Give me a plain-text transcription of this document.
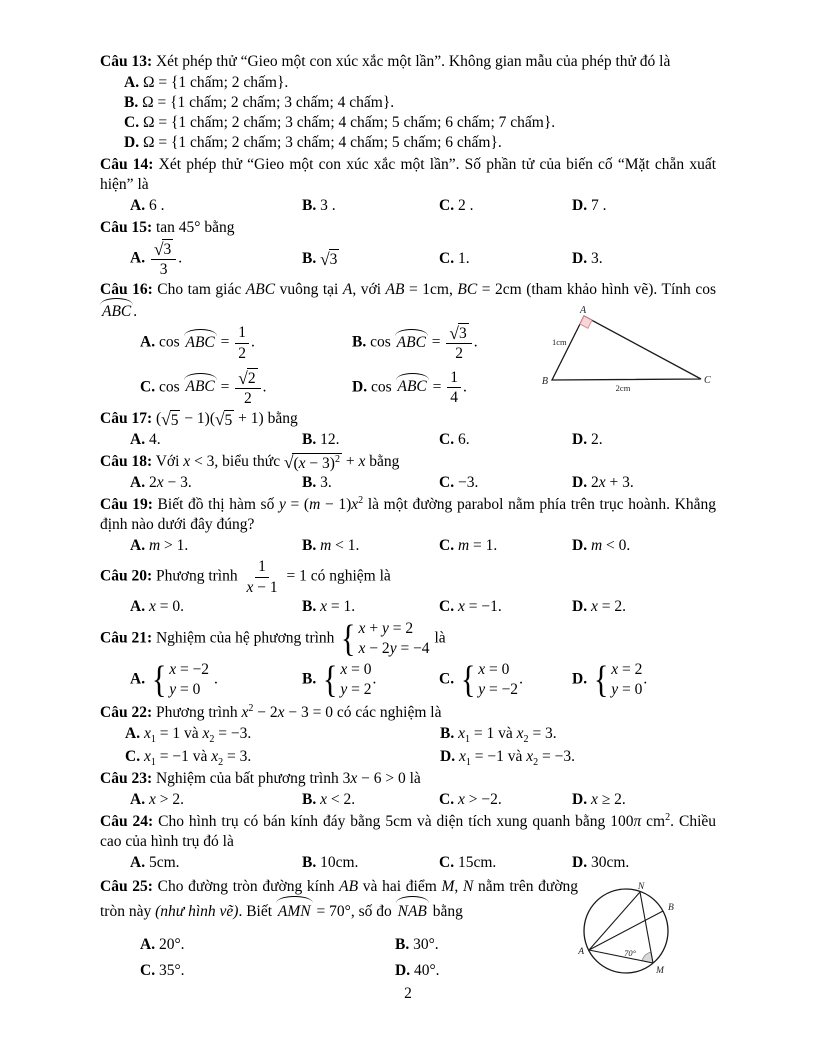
Câu 13: Xét phép thử “Gieo một con xúc xắc một lần”. Không gian mẫu của phép thử đó là
A. Ω = {1 chấm; 2 chấm}.
B. Ω = {1 chấm; 2 chấm; 3 chấm; 4 chấm}.
C. Ω = {1 chấm; 2 chấm; 3 chấm; 4 chấm; 5 chấm; 6 chấm; 7 chấm}.
D. Ω = {1 chấm; 2 chấm; 3 chấm; 4 chấm; 5 chấm; 6 chấm}.
Câu 14: Xét phép thử “Gieo một con xúc xắc một lần”. Số phần tử của biến cố “Mặt chẵn xuất hiện” là
A. 6 .	B. 3 .	C. 2 .	D. 7 .
Câu 15: tan 45° bằng
A. $\frac{√ 3}{3}$ .	B. √ 3	C. 1.	D. 3.
Câu 16: Cho tam giác ABC vuông tại A, với AB = 1cm, BC = 2cm (tham khảo hình vẽ). Tính cos ABC .
A. cos ABC = $\frac{1}{2}$ .	B. cos ABC = $\frac{√ 3}{2}$ .
C. cos ABC = $\frac{√ 2}{2}$ .	D. cos ABC = $\frac{1}{4}$ .
A
B	C
1cm
2cm
Câu 17: ( √ 5 − 1)( √ 5 + 1) bằng
A. 4.	B. 12.	C. 6.	D. 2.
Câu 18: Với x < 3, biểu thức √ $(x - 3)^2 + x$ bằng
A. 2x − 3.	B. 3.	C. −3.	D. 2x + 3.
Câu 19: Biết đồ thị hàm số $y = (m - 1)x^2$ là một đường parabol nằm phía trên trục hoành. Khẳng định nào dưới đây đúng?
A. m > 1.	B. m < 1.	C. m = 1.	D. m < 0.
Câu 20: Phương trình $\frac{1}{x - 1} = 1$ có nghiệm là
A. x = 0.	B. x = 1.	C. x = −1.	D. x = 2.
Câu 21: Nghiệm của hệ phương trình { x + y = 2
x − 2y = −4
là
A. { x = −2
y = 0
.	B. { x = 0
y = 2
.	C. { x = 0
y = −2
.	D. { x = 2
y = 0
.
Câu 22: Phương trình $x^2 - 2x - 3 = 0$ có các nghiệm là
A. $x_1 = 1$ và $x_2 = -3$.	B. $x_1 = 1$ và $x_2 = 3$.
C. $x_1 = -1$ và $x_2 = 3$.	D. $x_1 = -1$ và $x_2 = -3$.
Câu 23: Nghiệm của bất phương trình 3x − 6 > 0 là
A. x > 2.	B. x < 2.	C. x > −2.	D. x ≥ 2.
Câu 24: Cho hình trụ có bán kính đáy bằng 5cm và diện tích xung quanh bằng 100π $cm^2$. Chiều cao của hình trụ đó là
A. 5cm.	B. 10cm.	C. 15cm.	D. 30cm.
Câu 25: Cho đường tròn đường kính AB và hai điểm M, N nằm trên đường tròn này (như hình vẽ). Biết AMN = 70°, số đo NAB bằng
A. 20°.	B. 30°.
C. 35°.	D. 40°.
N
B
A
M
70°
2
